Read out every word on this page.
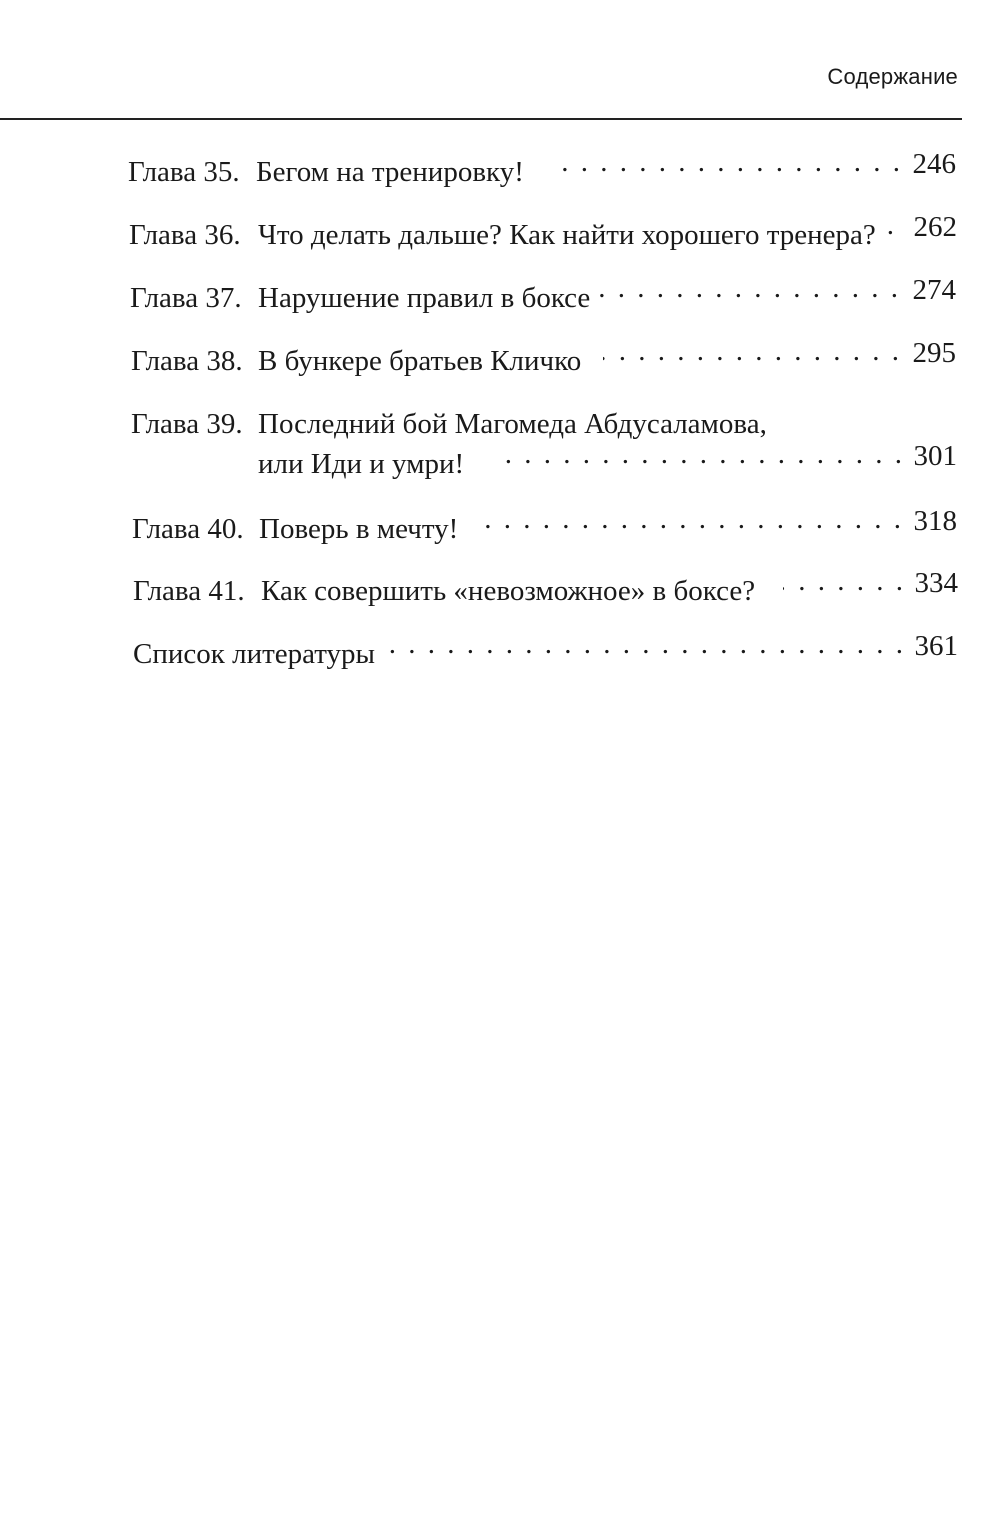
Содержание
Глава 35. Бегом на тренировку! . . .	246
Глава 36. Что делать дальше? Как найти хорошего тренера? . . . 262
Глава 37. Нарушение правил в боксе . . .	274
Глава 38. В бункере братьев Кличко . . .	295
Глава 39. Последний бой Магомеда Абдусаламова,
или Иди и умри! . . .	301
Глава 40. Поверь в мечту! . . .	318
Глава 41. Как совершить «невозможное» в боксе? . . .	334
Список литературы . . .	361
